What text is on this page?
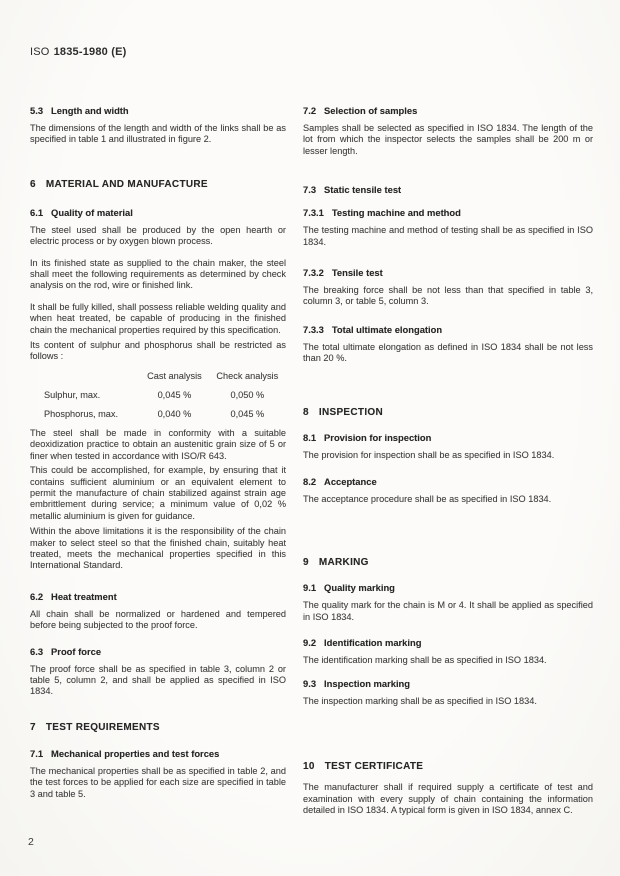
ISO 1835-1980 (E)
5.3 Length and width

The dimensions of the length and width of the links shall be as specified in table 1 and illustrated in figure 2.

6 MATERIAL AND MANUFACTURE
6.1 Quality of material

The steel used shall be produced by the open hearth or electric process or by oxygen blown process.

In its finished state as supplied to the chain maker, the steel shall meet the following requirements as determined by check analysis on the rod, wire or finished link.

It shall be fully killed, shall possess reliable welding quality and when heat treated, be capable of producing in the finished chain the mechanical properties required by this specification.

Its content of sulphur and phosphorus shall be restricted as follows :

	Cast analysis	Check analysis
Sulphur, max.	0,045 %	0,050 %
Phosphorus, max.	0,040 %	0,045 %

The steel shall be made in conformity with a suitable deoxidization practice to obtain an austenitic grain size of 5 or finer when tested in accordance with ISO/R 643.

This could be accomplished, for example, by ensuring that it contains sufficient aluminium or an equivalent element to permit the manufacture of chain stabilized against strain age embrittlement during service; a minimum value of 0,02 % metallic aluminium is given for guidance.

Within the above limitations it is the responsibility of the chain maker to select steel so that the finished chain, suitably heat treated, meets the mechanical properties specified in this International Standard.

6.2 Heat treatment

All chain shall be normalized or hardened and tempered before being subjected to the proof force.

6.3 Proof force

The proof force shall be as specified in table 3, column 2 or table 5, column 2, and shall be applied as specified in ISO 1834.

7 TEST REQUIREMENTS
7.1 Mechanical properties and test forces

The mechanical properties shall be as specified in table 2, and the test forces to be applied for each size are specified in table 3 and table 5.

7.2 Selection of samples

Samples shall be selected as specified in ISO 1834. The length of the lot from which the inspector selects the samples shall be 200 m or lesser length.

7.3 Static tensile test
7.3.1 Testing machine and method

The testing machine and method of testing shall be as specified in ISO 1834.

7.3.2 Tensile test

The breaking force shall be not less than that specified in table 3, column 3, or table 5, column 3.

7.3.3 Total ultimate elongation

The total ultimate elongation as defined in ISO 1834 shall be not less than 20 %.

8 INSPECTION
8.1 Provision for inspection

The provision for inspection shall be as specified in ISO 1834.

8.2 Acceptance

The acceptance procedure shall be as specified in ISO 1834.

9 MARKING
9.1 Quality marking

The quality mark for the chain is M or 4. It shall be applied as specified in ISO 1834.

9.2 Identification marking

The identification marking shall be as specified in ISO 1834.

9.3 Inspection marking

The inspection marking shall be as specified in ISO 1834.

10 TEST CERTIFICATE

The manufacturer shall if required supply a certificate of test and examination with every supply of chain containing the information detailed in ISO 1834. A typical form is given in ISO 1834, annex C.

2
